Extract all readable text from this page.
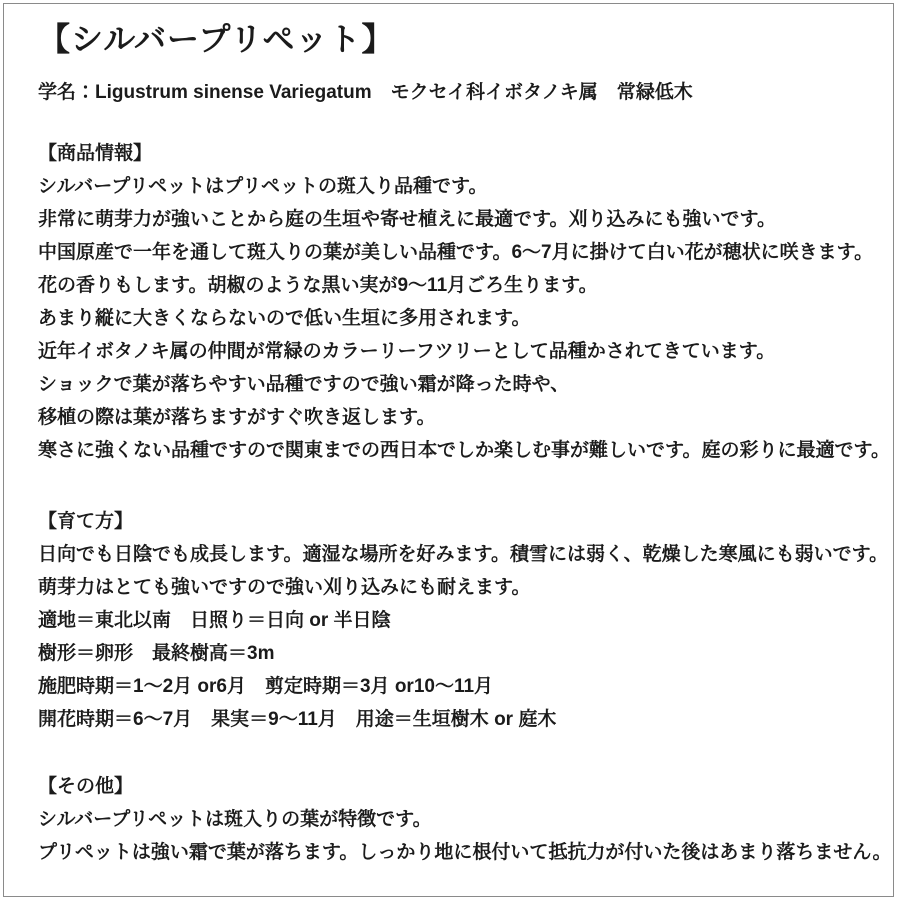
【シルバープリペット】

学名：Ligustrum sinense Variegatum　モクセイ科イボタノキ属　常緑低木

【商品情報】

シルバープリペットはプリペットの斑入り品種です。

非常に萌芽力が強いことから庭の生垣や寄せ植えに最適です。刈り込みにも強いです。

中国原産で一年を通して斑入りの葉が美しい品種です。6～7月に掛けて白い花が穂状に咲きます。

花の香りもします。胡椒のような黒い実が9～11月ごろ生ります。

あまり縦に大きくならないので低い生垣に多用されます。

近年イボタノキ属の仲間が常緑のカラーリーフツリーとして品種かされてきています。

ショックで葉が落ちやすい品種ですので強い霜が降った時や、

移植の際は葉が落ちますがすぐ吹き返します。

寒さに強くない品種ですので関東までの西日本でしか楽しむ事が難しいです。庭の彩りに最適です。

【育て方】

日向でも日陰でも成長します。適湿な場所を好みます。積雪には弱く、乾燥した寒風にも弱いです。

萌芽力はとても強いですので強い刈り込みにも耐えます。

適地＝東北以南　日照り＝日向 or 半日陰

樹形＝卵形　最終樹高＝3m

施肥時期＝1～2月 or6月　剪定時期＝3月 or10～11月

開花時期＝6～7月　果実＝9～11月　用途＝生垣樹木 or 庭木

【その他】

シルバープリペットは斑入りの葉が特徴です。

プリペットは強い霜で葉が落ちます。しっかり地に根付いて抵抗力が付いた後はあまり落ちません。
